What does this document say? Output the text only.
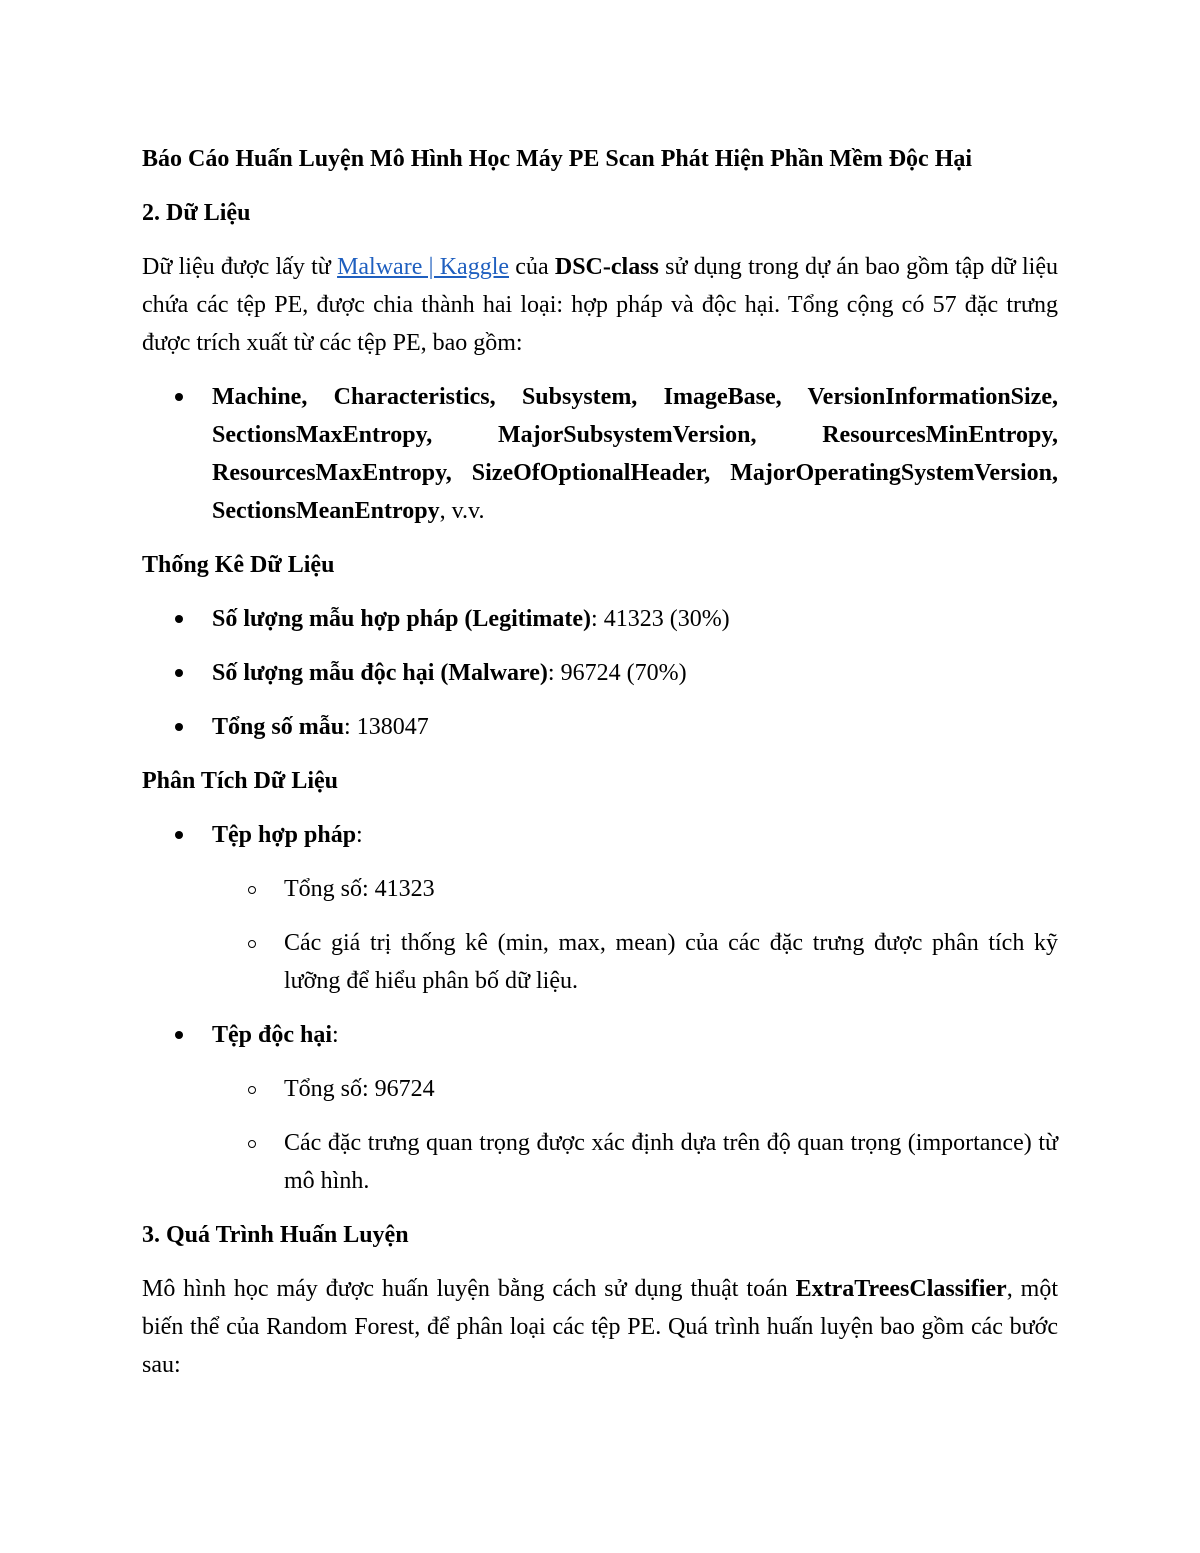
Báo Cáo Huấn Luyện Mô Hình Học Máy PE Scan Phát Hiện Phần Mềm Độc Hại

2. Dữ Liệu

Dữ liệu được lấy từ Malware | Kaggle của DSC-class sử dụng trong dự án bao gồm tập dữ liệu chứa các tệp PE, được chia thành hai loại: hợp pháp và độc hại. Tổng cộng có 57 đặc trưng được trích xuất từ các tệp PE, bao gồm:

Machine, Characteristics, Subsystem, ImageBase, VersionInformationSize, SectionsMaxEntropy, MajorSubsystemVersion, ResourcesMinEntropy, ResourcesMaxEntropy, SizeOfOptionalHeader, MajorOperatingSystemVersion, SectionsMeanEntropy, v.v.

Thống Kê Dữ Liệu

Số lượng mẫu hợp pháp (Legitimate): 41323 (30%)
Số lượng mẫu độc hại (Malware): 96724 (70%)
Tổng số mẫu: 138047

Phân Tích Dữ Liệu

Tệp hợp pháp:
Tổng số: 41323
Các giá trị thống kê (min, max, mean) của các đặc trưng được phân tích kỹ lưỡng để hiểu phân bố dữ liệu.
Tệp độc hại:
Tổng số: 96724
Các đặc trưng quan trọng được xác định dựa trên độ quan trọng (importance) từ mô hình.

3. Quá Trình Huấn Luyện

Mô hình học máy được huấn luyện bằng cách sử dụng thuật toán ExtraTreesClassifier, một biến thể của Random Forest, để phân loại các tệp PE. Quá trình huấn luyện bao gồm các bước sau:
